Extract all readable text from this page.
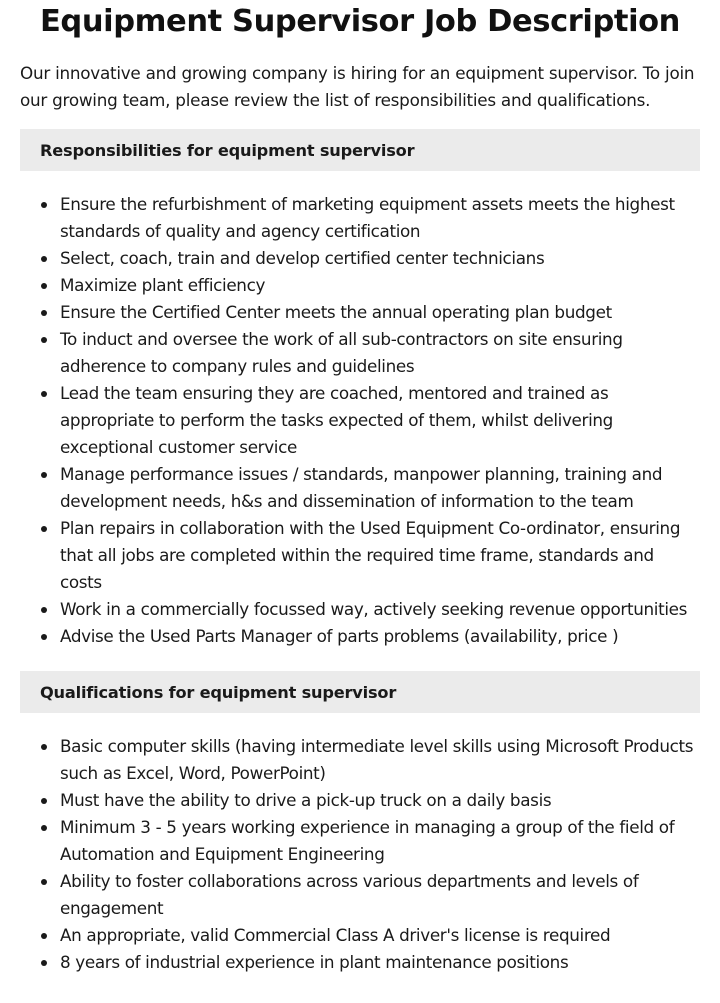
Equipment Supervisor Job Description

Our innovative and growing company is hiring for an equipment supervisor. To join our growing team, please review the list of responsibilities and qualifications.

Responsibilities for equipment supervisor
Ensure the refurbishment of marketing equipment assets meets the highest standards of quality and agency certification
Select, coach, train and develop certified center technicians
Maximize plant efficiency
Ensure the Certified Center meets the annual operating plan budget
To induct and oversee the work of all sub-contractors on site ensuring adherence to company rules and guidelines
Lead the team ensuring they are coached, mentored and trained as appropriate to perform the tasks expected of them, whilst delivering exceptional customer service
Manage performance issues / standards, manpower planning, training and development needs, h&s and dissemination of information to the team
Plan repairs in collaboration with the Used Equipment Co-ordinator, ensuring that all jobs are completed within the required time frame, standards and costs
Work in a commercially focussed way, actively seeking revenue opportunities
Advise the Used Parts Manager of parts problems (availability, price )
Qualifications for equipment supervisor
Basic computer skills (having intermediate level skills using Microsoft Products such as Excel, Word, PowerPoint)
Must have the ability to drive a pick-up truck on a daily basis
Minimum 3 - 5 years working experience in managing a group of the field of Automation and Equipment Engineering
Ability to foster collaborations across various departments and levels of engagement
An appropriate, valid Commercial Class A driver's license is required
8 years of industrial experience in plant maintenance positions
